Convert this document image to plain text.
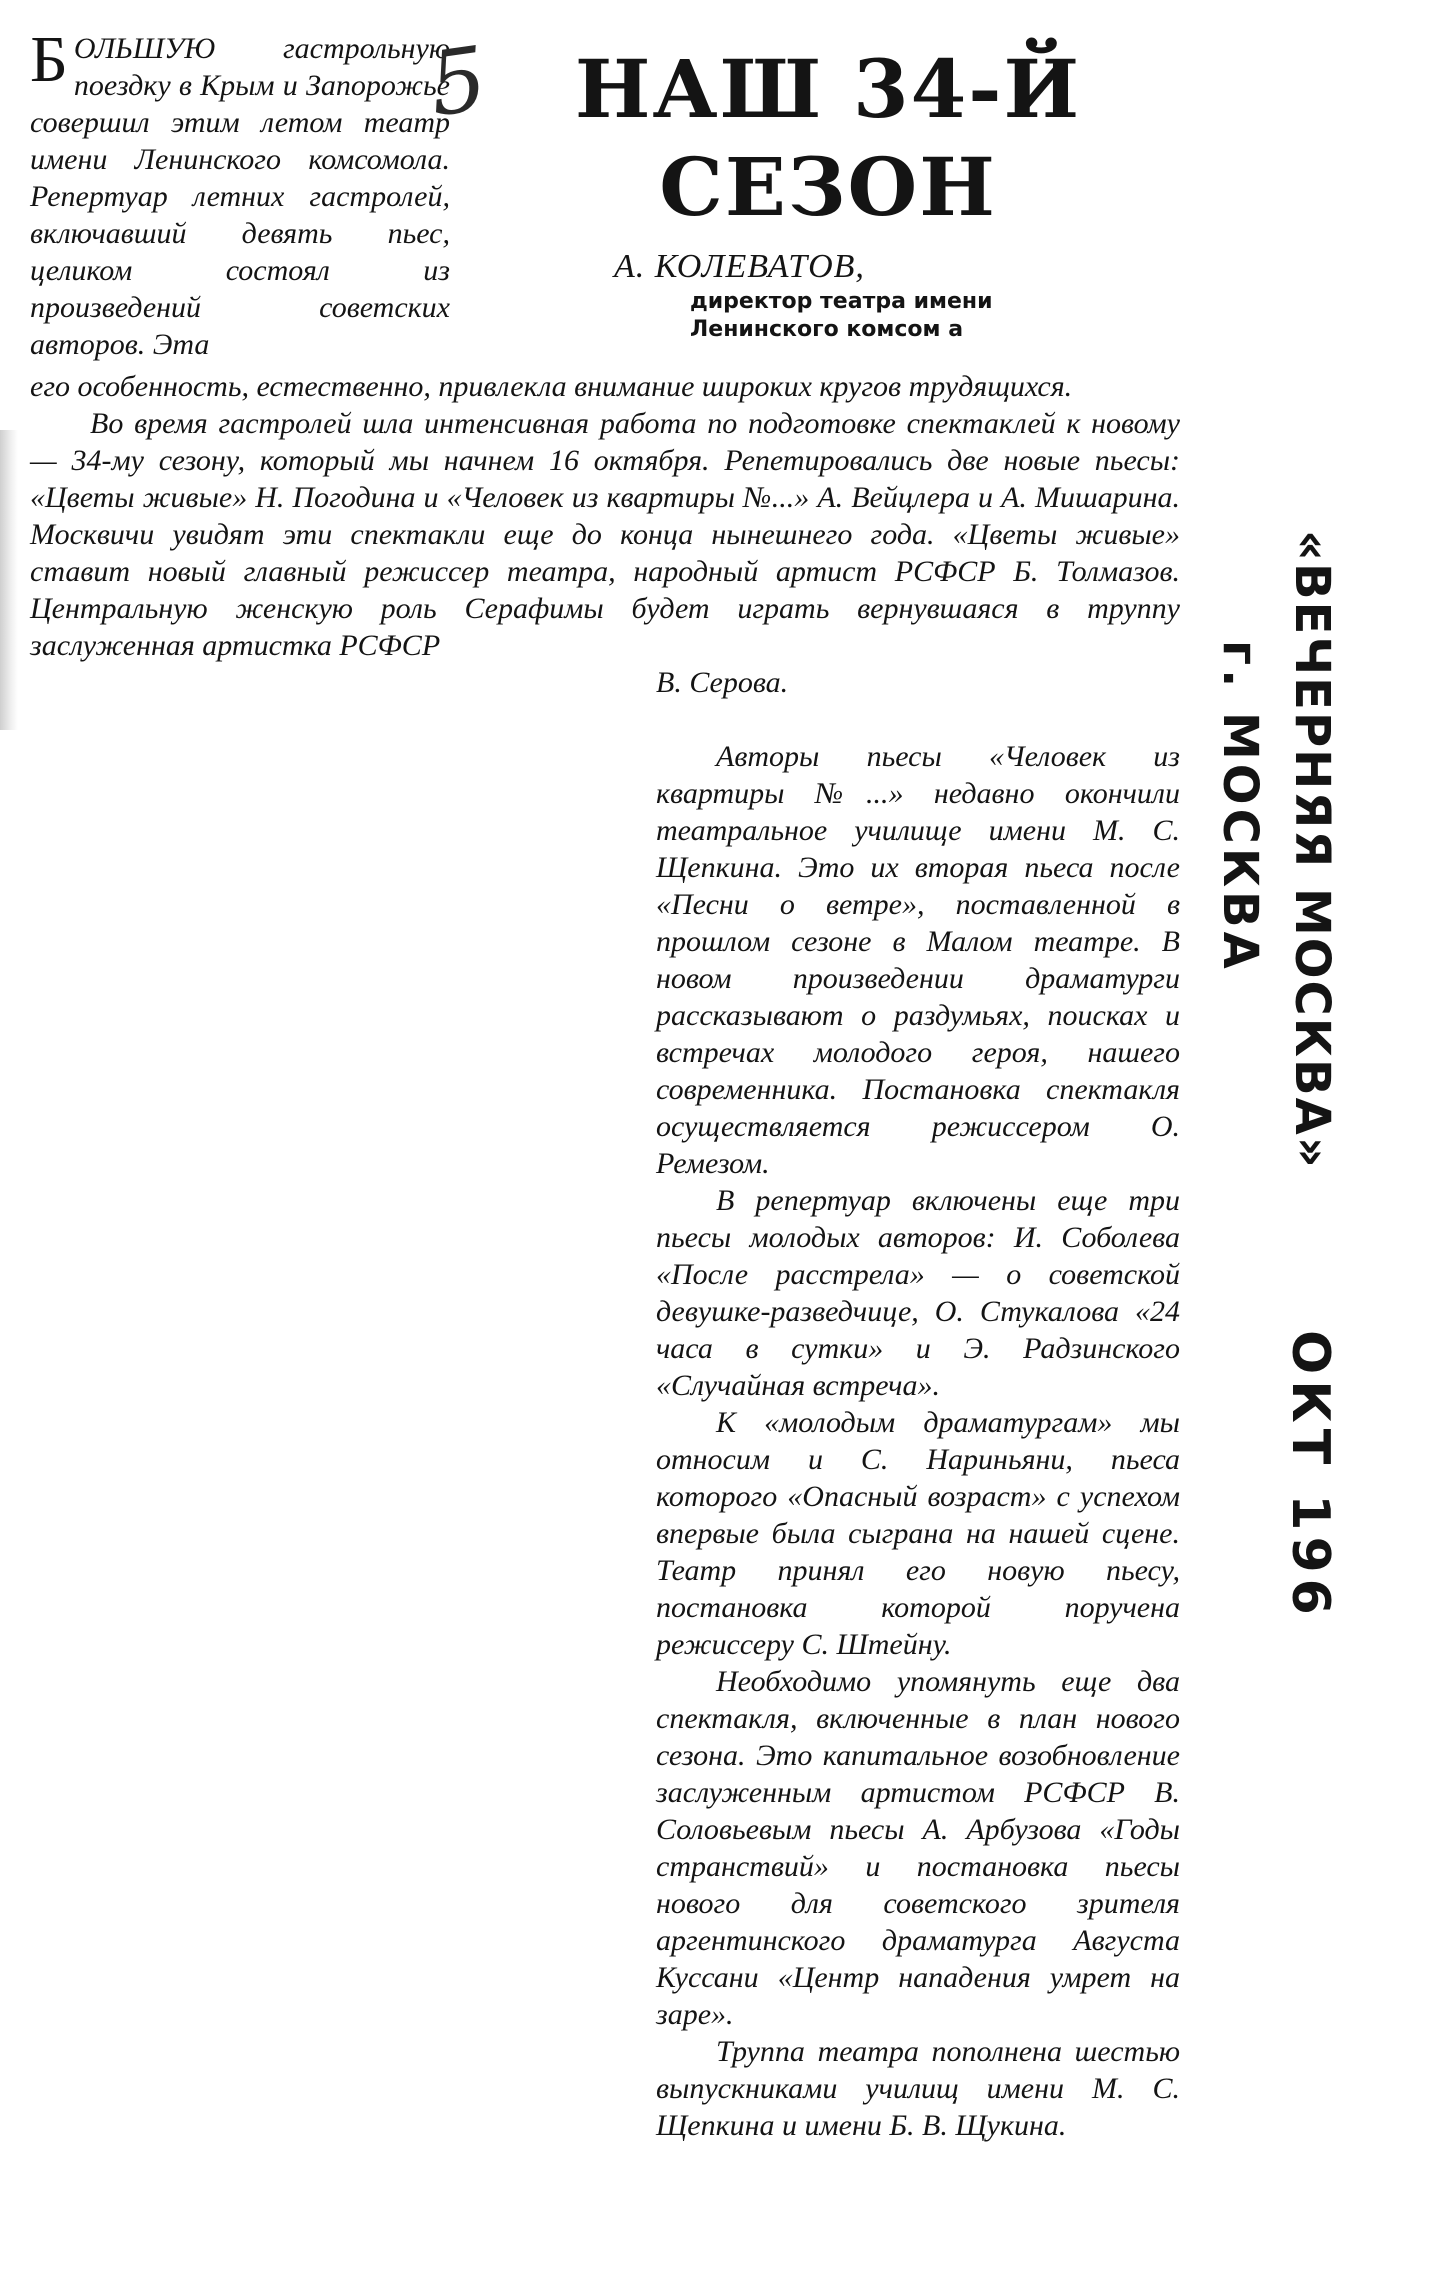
БОЛЬШУЮ гастрольную поездку в Крым и Запорожье совершил этим летом театр имени Ленинского комсомола. Репертуар летних гастролей, включавший девять пьес, целиком состоял из произведений советских авторов. Эта
5	НАШ 34-Й СЕЗОН
А. КОЛЕВАТОВ,
директор театра имени Ленинского комсом а

его особенность, естественно, привлекла внимание широких кругов трудящихся.

Во время гастролей шла интенсивная работа по подготовке спектаклей к новому — 34-му сезону, который мы начнем 16 октября. Репетировались две новые пьесы: «Цветы живые» Н. Погодина и «Человек из квартиры №...» А. Вейцлера и А. Мишарина. Москвичи увидят эти спектакли еще до конца нынешнего года. «Цветы живые» ставит новый главный режиссер театра, народный артист РСФСР Б. Толмазов. Центральную женскую роль Серафимы будет играть вернувшаяся в труппу заслуженная артистка РСФСР

В. Серова.

Авторы пьесы «Человек из квартиры №...» недавно окончили театральное училище имени М. С. Щепкина. Это их вторая пьеса после «Песни о ветре», поставленной в прошлом сезоне в Малом театре. В новом произведении драматурги рассказывают о раздумьях, поисках и встречах молодого героя, нашего современника. Постановка спектакля осуществляется режиссером О. Ремезом.

В репертуар включены еще три пьесы молодых авторов: И. Соболева «После расстрела» — о советской девушке-разведчице, О. Стукалова «24 часа в сутки» и Э. Радзинского «Случайная встреча».

К «молодым драматургам» мы относим и С. Нариньяни, пьеса которого «Опасный возраст» с успехом впервые была сыграна на нашей сцене. Театр принял его новую пьесу, постановка которой поручена режиссеру С. Штейну.

Необходимо упомянуть еще два спектакля, включенные в план нового сезона. Это капитальное возобновление заслуженным артистом РСФСР В. Соловьевым пьесы А. Арбузова «Годы странствий» и постановка пьесы нового для советского зрителя аргентинского драматурга Августа Куссани «Центр нападения умрет на заре».

Труппа театра пополнена шестью выпускниками училищ имени М. С. Щепкина и имени Б. В. Щукина.

«ВЕЧЕРНЯЯ МОСКВА»
г. МОСКВА
ОКТ 196
